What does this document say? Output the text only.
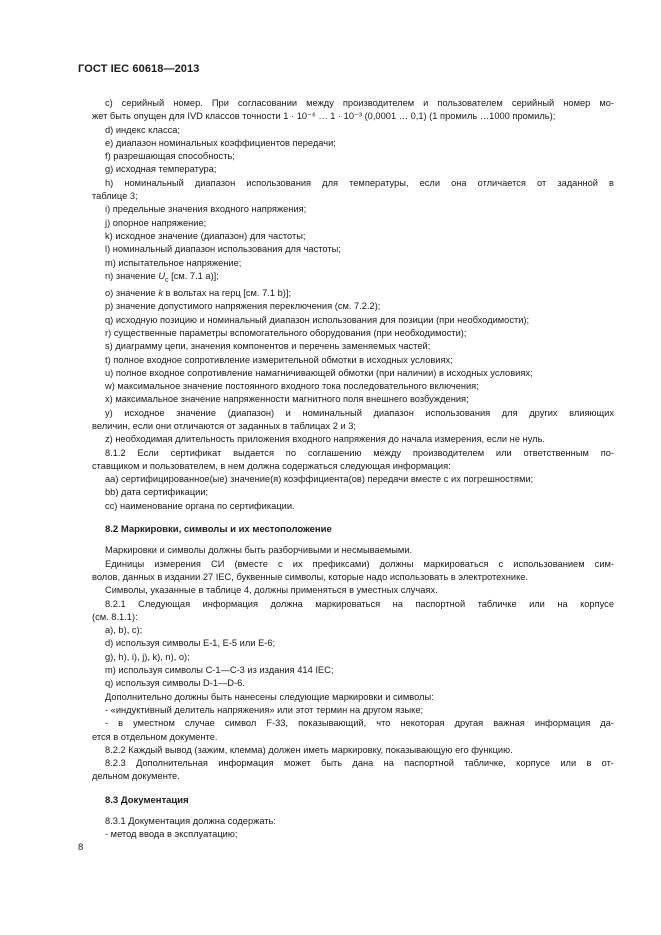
ГОСТ IEC 60618—2013

с) серийный номер. При согласовании между производителем и пользователем серийный номер мо-

жет быть опущен для IVD классов точности 1 · 10⁻⁶ … 1 · 10⁻³ (0,0001 … 0,1) (1 промиль …1000 промиль);

d) индекс класса;

е) диапазон номинальных коэффициентов передачи;

f) разрешающая способность;

g) исходная температура;

h) номинальный диапазон использования для температуры, если она отличается от заданной в

таблице 3;

i) предельные значения входного напряжения;

j) опорное напряжение;

k) исходное значение (диапазон) для частоты;

l) номинальный диапазон использования для частоты;

m) испытательное напряжение;

n) значение $U_c$ [см. 7.1 а)];

о) значение k в вольтах на герц [см. 7.1 b)];

р) значение допустимого напряжения переключения (см. 7.2.2);

q) исходную позицию и номинальный диапазон использования для позиции (при необходимости);

r) существенные параметры вспомогательного оборудования (при необходимости);

s) диаграмму цепи, значения компонентов и перечень заменяемых частей;

t) полное входное сопротивление измерительной обмотки в исходных условиях;

u) полное входное сопротивление намагничивающей обмотки (при наличии) в исходных условиях;

w) максимальное значение постоянного входного тока последовательного включения;

х) максимальное значение напряженности магнитного поля внешнего возбуждения;

у) исходное значение (диапазон) и номинальный диапазон использования для других влияющих

величин, если они отличаются от заданных в таблицах 2 и 3;

z) необходимая длительность приложения входного напряжения до начала измерения, если не нуль.

8.1.2 Если сертификат выдается по соглашению между производителем или ответственным по-

ставщиком и пользователем, в нем должна содержаться следующая информация:

аа) сертифицированное(ые) значение(я) коэффициента(ов) передачи вместе с их погрешностями;

bb) дата сертификации;

сс) наименование органа по сертификации.

8.2 Маркировки, символы и их местоположение

Маркировки и символы должны быть разборчивыми и несмываемыми.

Единицы измерения СИ (вместе с их префиксами) должны маркироваться с использованием сим-

волов, данных в издании 27 IEC, буквенные символы, которые надо использовать в электротехнике.

Символы, указанные в таблице 4, должны применяться в уместных случаях.

8.2.1 Следующая информация должна маркироваться на паспортной табличке или на корпусе

(см. 8.1.1):

а), b), с);

d) используя символы Е-1, Е-5 или Е-6;

g), h), i), j), k), n), о);

m) используя символы С-1—С-3 из издания 414 IEC;

q) используя символы D-1—D-6.

Дополнительно должны быть нанесены следующие маркировки и символы:

- «индуктивный делитель напряжения» или этот термин на другом языке;

- в уместном случае символ F-33, показывающий, что некоторая другая важная информация да-

ется в отдельном документе.

8.2.2 Каждый вывод (зажим, клемма) должен иметь маркировку, показывающую его функцию.

8.2.3 Дополнительная информация может быть дана на паспортной табличке, корпусе или в от-

дельном документе.

8.3 Документация

8.3.1 Документация должна содержать:

- метод ввода в эксплуатацию;

8
